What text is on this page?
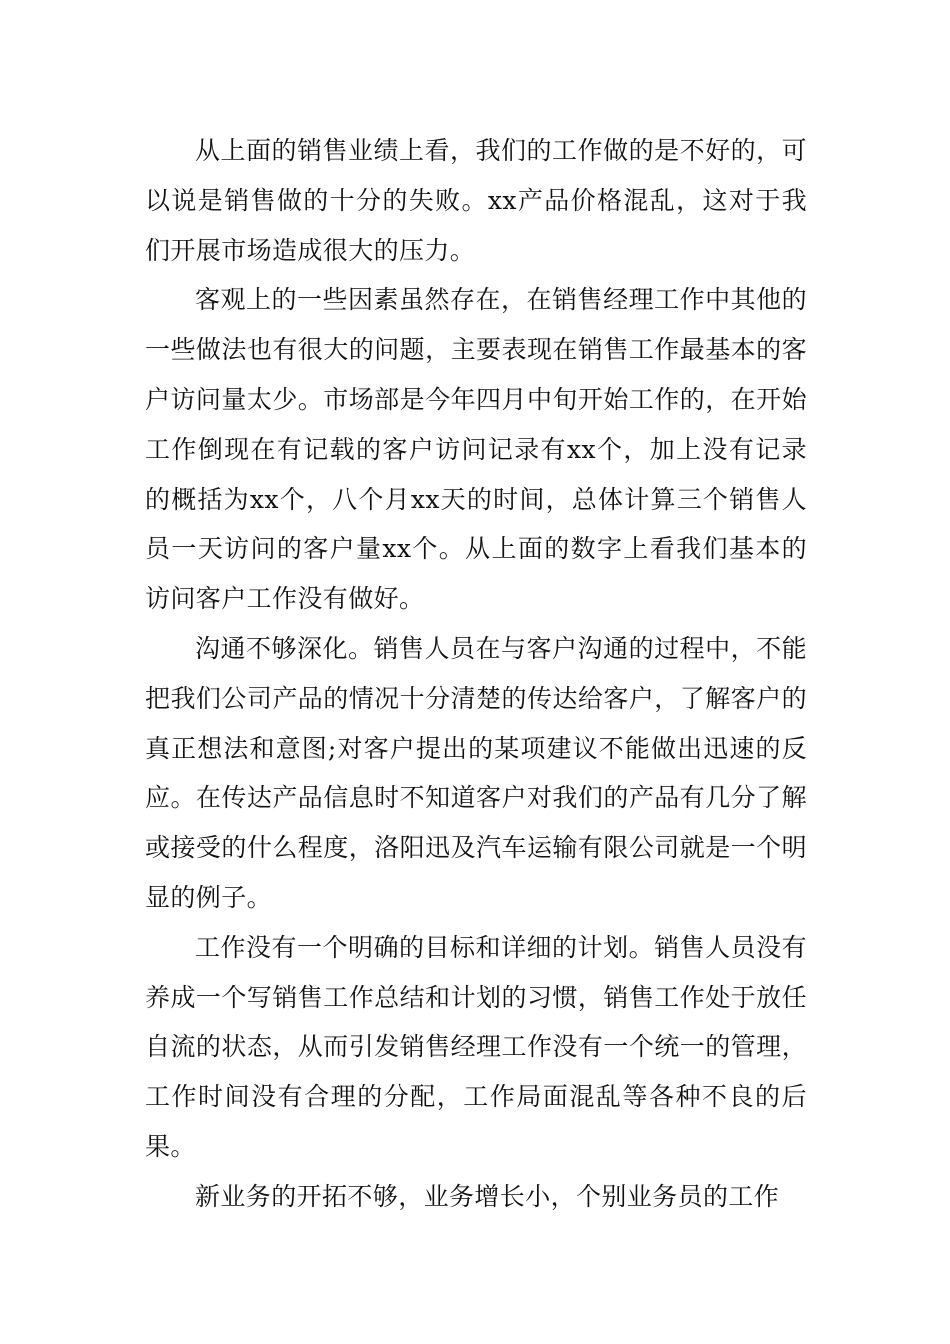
从上面的销售业绩上看，我们的工作做的是不好的，可以说是销售做的十分的失败。xx产品价格混乱，这对于我们开展市场造成很大的压力。

客观上的一些因素虽然存在，在销售经理工作中其他的一些做法也有很大的问题，主要表现在销售工作最基本的客户访问量太少。市场部是今年四月中旬开始工作的，在开始工作倒现在有记载的客户访问记录有xx个，加上没有记录的概括为xx个，八个月xx天的时间，总体计算三个销售人员一天访问的客户量xx个。从上面的数字上看我们基本的访问客户工作没有做好。

沟通不够深化。销售人员在与客户沟通的过程中，不能把我们公司产品的情况十分清楚的传达给客户，了解客户的真正想法和意图;对客户提出的某项建议不能做出迅速的反应。在传达产品信息时不知道客户对我们的产品有几分了解或接受的什么程度，洛阳迅及汽车运输有限公司就是一个明显的例子。

工作没有一个明确的目标和详细的计划。销售人员没有养成一个写销售工作总结和计划的习惯，销售工作处于放任自流的状态，从而引发销售经理工作没有一个统一的管理，工作时间没有合理的分配，工作局面混乱等各种不良的后果。

新业务的开拓不够，业务增长小，个别业务员的工作
